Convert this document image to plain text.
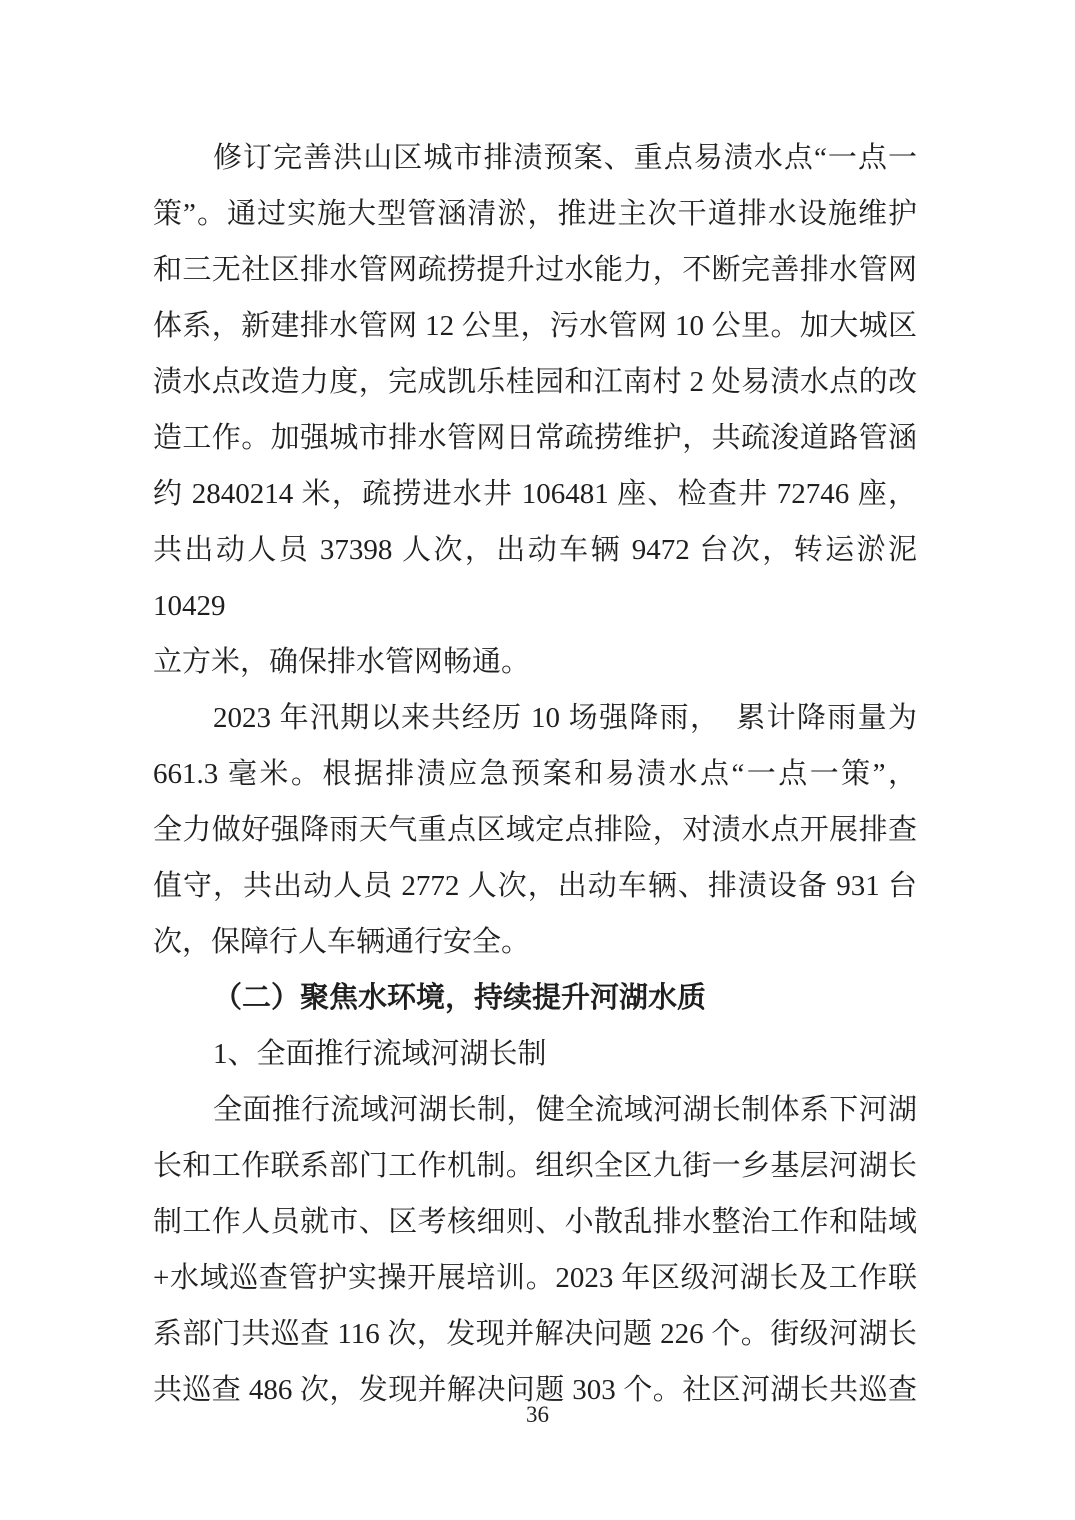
修订完善洪山区城市排渍预案、重点易渍水点“一点一
策”。通过实施大型管涵清淤，推进主次干道排水设施维护
和三无社区排水管网疏捞提升过水能力，不断完善排水管网
体系，新建排水管网 12 公里，污水管网 10 公里。加大城区
渍水点改造力度，完成凯乐桂园和江南村 2 处易渍水点的改
造工作。加强城市排水管网日常疏捞维护，共疏浚道路管涵
约 2840214 米，疏捞进水井 106481 座、检查井 72746 座，
共出动人员 37398 人次，出动车辆 9472 台次，转运淤泥 10429
立方米，确保排水管网畅通。
2023 年汛期以来共经历 10 场强降雨，　累计降雨量为
661.3 毫米。根据排渍应急预案和易渍水点“一点一策”，
全力做好强降雨天气重点区域定点排险，对渍水点开展排查
值守，共出动人员 2772 人次，出动车辆、排渍设备 931 台
次，保障行人车辆通行安全。
（二）聚焦水环境，持续提升河湖水质
1、全面推行流域河湖长制
全面推行流域河湖长制，健全流域河湖长制体系下河湖
长和工作联系部门工作机制。组织全区九街一乡基层河湖长
制工作人员就市、区考核细则、小散乱排水整治工作和陆域
+水域巡查管护实操开展培训。2023 年区级河湖长及工作联
系部门共巡查 116 次，发现并解决问题 226 个。街级河湖长
共巡查 486 次，发现并解决问题 303 个。社区河湖长共巡查
36
